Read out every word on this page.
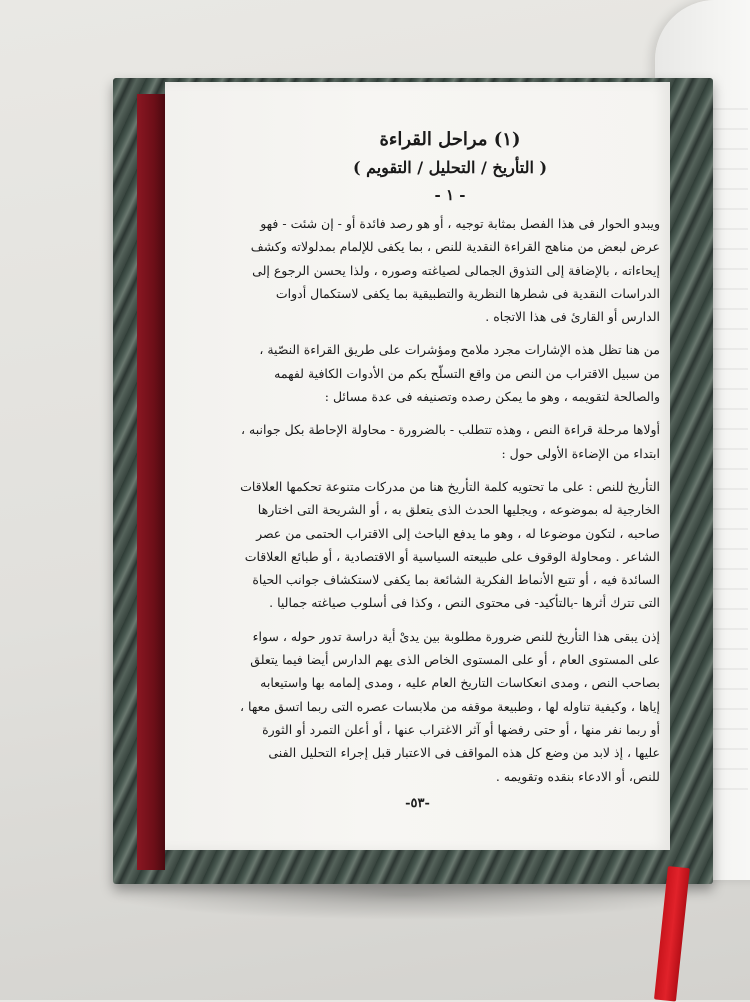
(١) مراحل القراءة

( التأريخ / التحليل / التقويم )

- ١ -

ويبدو الحوار فى هذا الفصل بمثابة توجيه ، أو هو رصد فائدة أو - إن شئت - فهو عرض لبعض من مناهج القراءة النقدية للنص ، بما يكفى للإلمام بمدلولاته وكشف إيحاءاته ، بالإضافة إلى التذوق الجمالى لصياغته وصوره ، ولذا يحسن الرجوع إلى الدراسات النقدية فى شطرها النظرية والتطبيقية بما يكفى لاستكمال أدوات الدارس أو القارئ فى هذا الاتجاه .

من هنا تظل هذه الإشارات مجرد ملامح ومؤشرات على طريق القراءة النصّية ، من سبيل الاقتراب من النص من واقع التسلّح بكم من الأدوات الكافية لفهمه والصالحة لتقويمه ، وهو ما يمكن رصده وتصنيفه فى عدة مسائل :

أولاها مرحلة قراءة النص ، وهذه تتطلب - بالضرورة - محاولة الإحاطة بكل جوانبه ، ابتداء من الإضاءة الأولى حول :

التأريخ للنص : على ما تحتويه كلمة التأريخ هنا من مدركات متنوعة تحكمها العلاقات الخارجية له بموضوعه ، ويجليها الحدث الذى يتعلق به ، أو الشريحة التى اختارها صاحبه ، لتكون موضوعا له ، وهو ما يدفع الباحث إلى الاقتراب الحتمى من عصر الشاعر . ومحاولة الوقوف على طبيعته السياسية أو الاقتصادية ، أو طبائع العلاقات السائدة فيه ، أو تتبع الأنماط الفكرية الشائعة بما يكفى لاستكشاف جوانب الحياة التى تترك أثرها -بالتأكيد- فى محتوى النص ، وكذا فى أسلوب صياغته جماليا .

إذن يبقى هذا التأريخ للنص ضرورة مطلوبة بين يدىْ أية دراسة تدور حوله ، سواء على المستوى العام ، أو على المستوى الخاص الذى يهم الدارس أيضا فيما يتعلق بصاحب النص ، ومدى انعكاسات التاريخ العام عليه ، ومدى إلمامه بها واستيعابه إياها ، وكيفية تناوله لها ، وطبيعة موقفه من ملابسات عصره التى ربما اتسق معها ، أو ربما نفر منها ، أو حتى رفضها أو آثر الاغتراب عنها ، أو أعلن التمرد أو الثورة عليها ، إذ لابد من وضع كل هذه المواقف فى الاعتبار قبل إجراء التحليل الفنى للنص، أو الادعاء بنقده وتقويمه .

-٥٣-
